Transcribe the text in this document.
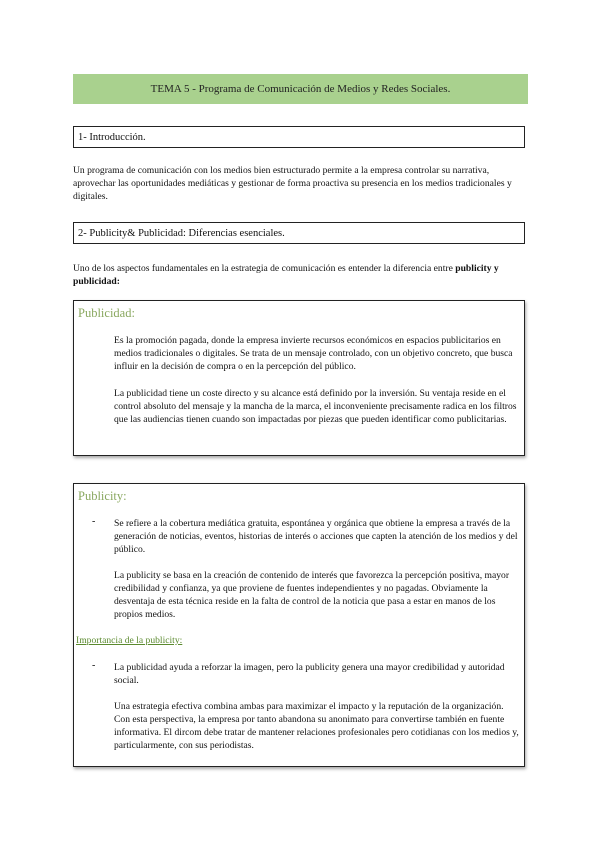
TEMA 5 - Programa de Comunicación de Medios y Redes Sociales.
1- Introducción.

Un programa de comunicación con los medios bien estructurado permite a la empresa controlar su narrativa, aprovechar las oportunidades mediáticas y gestionar de forma proactiva su presencia en los medios tradicionales y digitales.

2- Publicity& Publicidad: Diferencias esenciales.

Uno de los aspectos fundamentales en la estrategia de comunicación es entender la diferencia entre publicity y publicidad:

Publicidad:

Es la promoción pagada, donde la empresa invierte recursos económicos en espacios publicitarios en medios tradicionales o digitales. Se trata de un mensaje controlado, con un objetivo concreto, que busca influir en la decisión de compra o en la percepción del público.

La publicidad tiene un coste directo y su alcance está definido por la inversión. Su ventaja reside en el control absoluto del mensaje y la mancha de la marca, el inconveniente precisamente radica en los filtros que las audiencias tienen cuando son impactadas por piezas que pueden identificar como publicitarias.

Publicity:
- Se refiere a la cobertura mediática gratuita, espontánea y orgánica que obtiene la empresa a través de la generación de noticias, eventos, historias de interés o acciones que capten la atención de los medios y del público.

La publicity se basa en la creación de contenido de interés que favorezca la percepción positiva, mayor credibilidad y confianza, ya que proviene de fuentes independientes y no pagadas. Obviamente la desventaja de esta técnica reside en la falta de control de la noticia que pasa a estar en manos de los propios medios.

Importancia de la publicity:
- La publicidad ayuda a reforzar la imagen, pero la publicity genera una mayor credibilidad y autoridad social.

Una estrategia efectiva combina ambas para maximizar el impacto y la reputación de la organización. Con esta perspectiva, la empresa por tanto abandona su anonimato para convertirse también en fuente informativa. El dircom debe tratar de mantener relaciones profesionales pero cotidianas con los medios y, particularmente, con sus periodistas.
